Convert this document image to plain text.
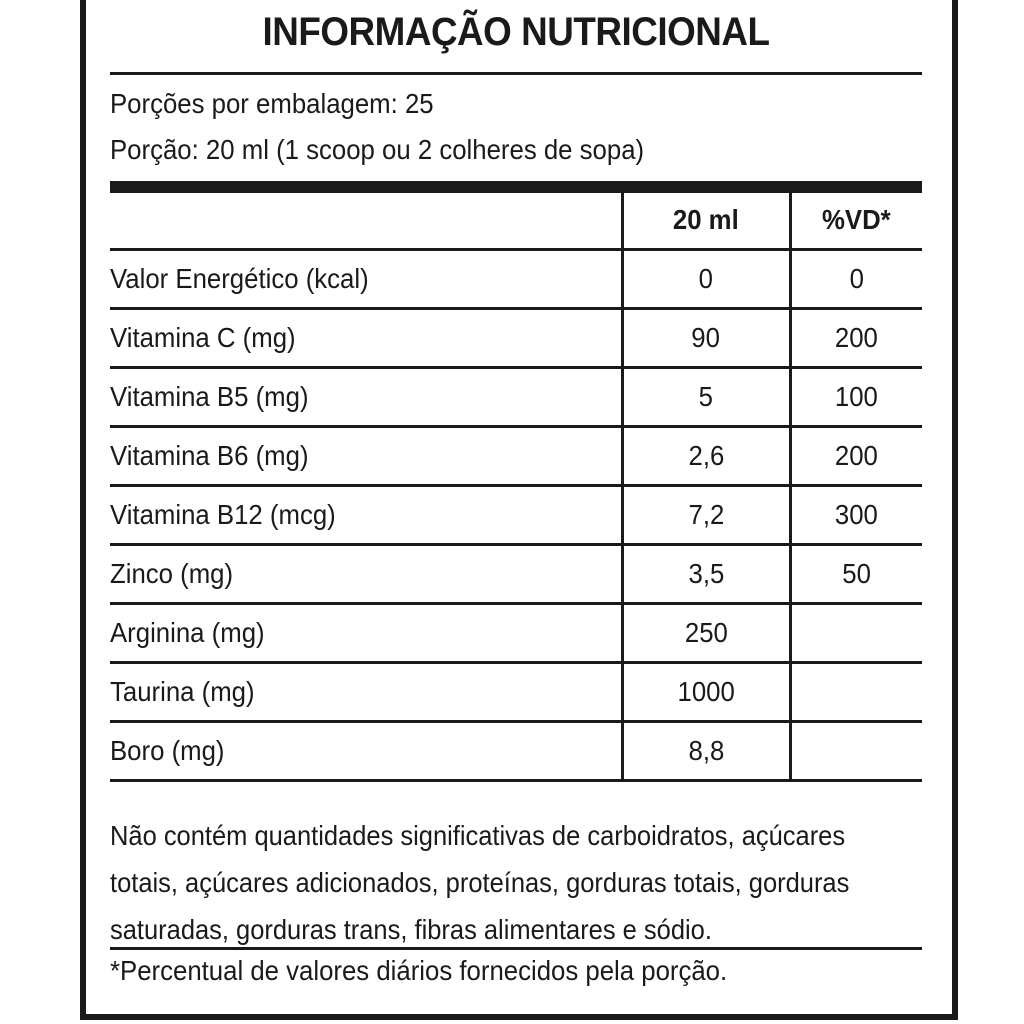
INFORMAÇÃO NUTRICIONAL
Porções por embalagem: 25
Porção: 20 ml (1 scoop ou 2 colheres de sopa)
	20 ml	%VD*
Valor Energético (kcal)	0	0
Vitamina C (mg)	90	200
Vitamina B5 (mg)	5	100
Vitamina B6 (mg)	2,6	200
Vitamina B12 (mcg)	7,2	300
Zinco (mg)	3,5	50
Arginina (mg)	250	
Taurina (mg)	1000	
Boro (mg)	8,8	
Não contém quantidades significativas de carboidratos, açúcares totais, açúcares adicionados, proteínas, gorduras totais, gorduras saturadas, gorduras trans, fibras alimentares e sódio.
*Percentual de valores diários fornecidos pela porção.
